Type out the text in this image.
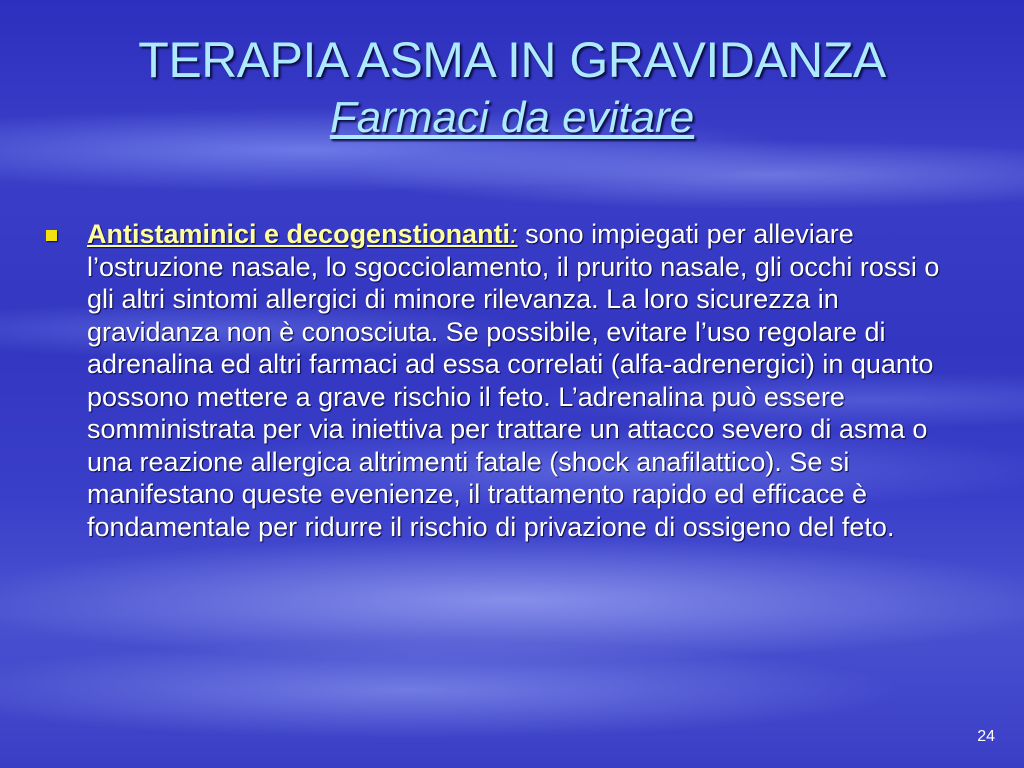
TERAPIA ASMA IN GRAVIDANZA
Farmaci da evitare

Antistaminici e decogenstionanti: sono impiegati per alleviare l’ostruzione nasale, lo sgocciolamento, il prurito nasale, gli occhi rossi o gli altri sintomi allergici di minore rilevanza. La loro sicurezza in gravidanza non è conosciuta. Se possibile, evitare l’uso regolare di adrenalina ed altri farmaci ad essa correlati (alfa-adrenergici) in quanto possono mettere a grave rischio il feto. L’adrenalina può essere somministrata per via iniettiva per trattare un attacco severo di asma o una reazione allergica altrimenti fatale (shock anafilattico). Se si manifestano queste evenienze, il trattamento rapido ed efficace è fondamentale per ridurre il rischio di privazione di ossigeno del feto.

24
